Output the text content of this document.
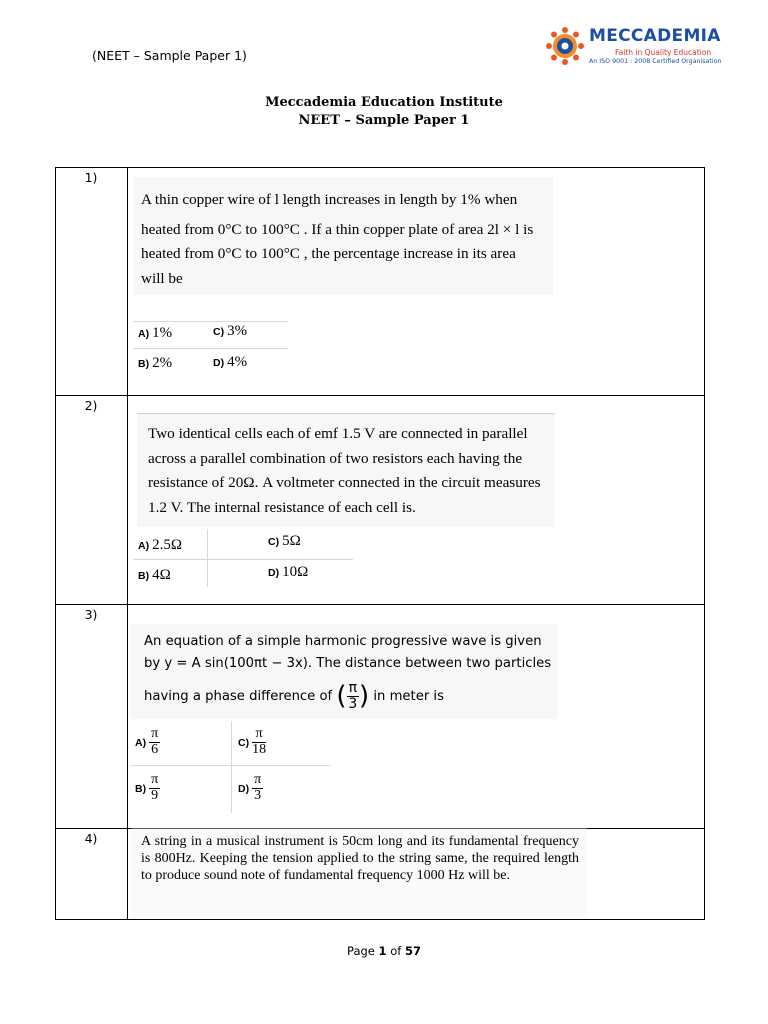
(NEET – Sample Paper 1)
MECCADEMIA
Faith in Quality Education
An ISO 9001 : 2008 Certified Organisation
Meccademia Education Institute
NEET – Sample Paper 1
1)
A thin copper wire of l length increases in length by 1% when
heated from 0°C to 100°C . If a thin copper plate of area 2l × l is
heated from 0°C to 100°C , the percentage increase in its area
will be
A) 1%	C) 3%
B) 2%	D) 4%
2)
Two identical cells each of emf 1.5 V are connected in parallel
across a parallel combination of two resistors each having the
resistance of 20Ω. A voltmeter connected in the circuit measures
1.2 V. The internal resistance of each cell is.
A) 2.5Ω	C) 5Ω
B) 4Ω	D) 10Ω
3)
An equation of a simple harmonic progressive wave is given
by y = A sin(100πt − 3x). The distance between two particles
having a phase difference of ( $\frac{\pi}{3}$ ) in meter is
$A) \frac{\pi}{6}$	$C) \frac{\pi}{18}$
$B) \frac{\pi}{9}$	$D) \frac{\pi}{3}$
4)	A string in a musical instrument is 50cm long and its fundamental frequency is 800Hz. Keeping the tension applied to the string same, the required length to produce sound note of fundamental frequency 1000 Hz will be.
Page 1 of 57
